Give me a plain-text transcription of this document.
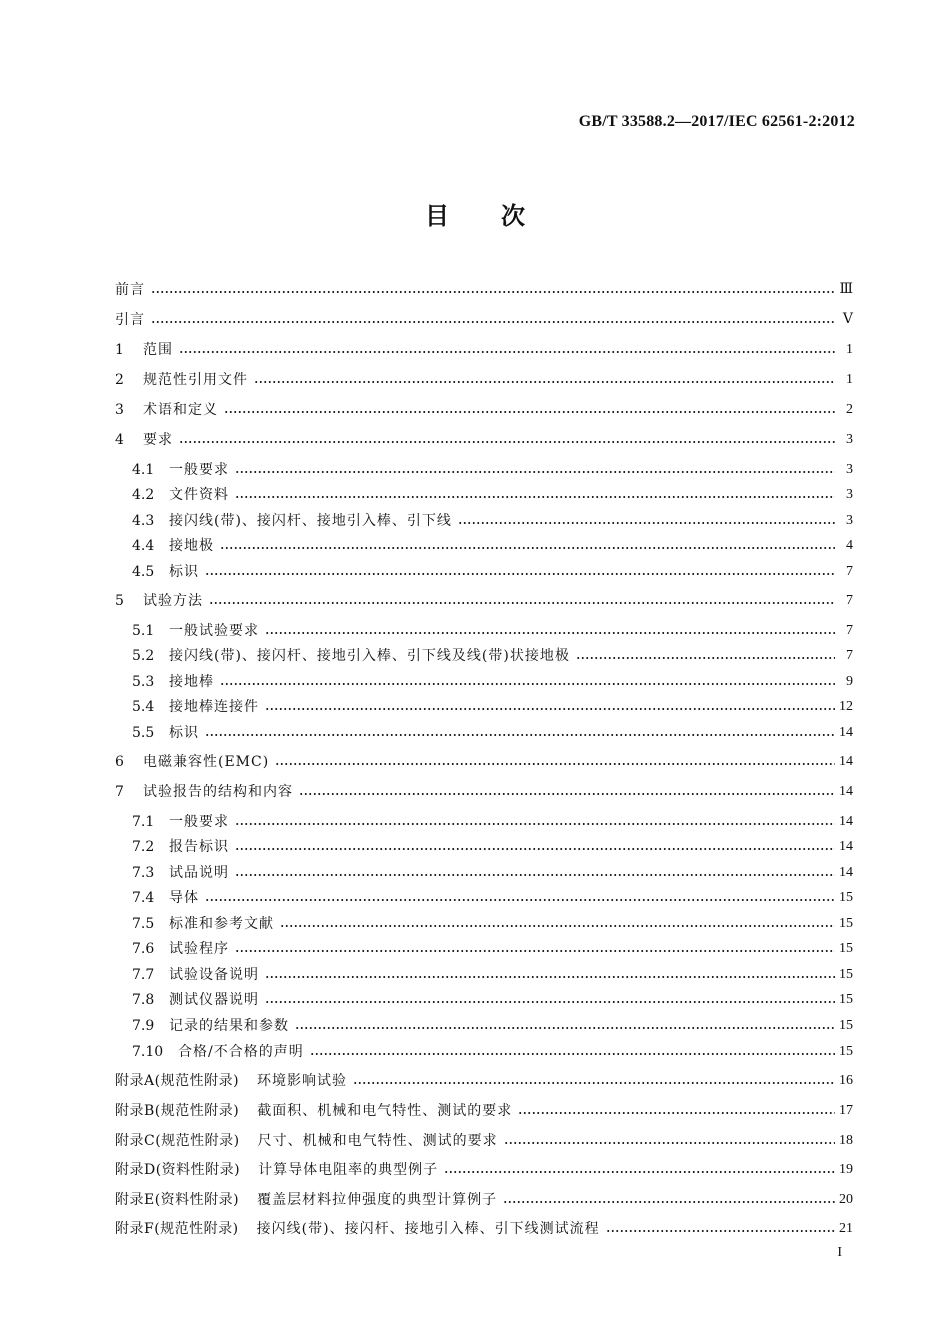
GB/T 33588.2—2017/IEC 62561-2:2012
目次
前言	Ⅲ
引言	Ⅴ
1	范围	1
2	规范性引用文件	1
3	术语和定义	2
4	要求	3
4.1	一般要求	3
4.2	文件资料	3
4.3	接闪线(带)、接闪杆、接地引入棒、引下线	3
4.4	接地极	4
4.5	标识	7
5	试验方法	7
5.1	一般试验要求	7
5.2	接闪线(带)、接闪杆、接地引入棒、引下线及线(带)状接地极	7
5.3	接地棒	9
5.4	接地棒连接件	12
5.5	标识	14
6	电磁兼容性(EMC)	14
7	试验报告的结构和内容	14
7.1	一般要求	14
7.2	报告标识	14
7.3	试品说明	14
7.4	导体	15
7.5	标准和参考文献	15
7.6	试验程序	15
7.7	试验设备说明	15
7.8	测试仪器说明	15
7.9	记录的结果和参数	15
7.10	合格/不合格的声明	15
附录A(规范性附录) 环境影响试验	16
附录B(规范性附录) 截面积、机械和电气特性、测试的要求	17
附录C(规范性附录) 尺寸、机械和电气特性、测试的要求	18
附录D(资料性附录) 计算导体电阻率的典型例子	19
附录E(资料性附录) 覆盖层材料拉伸强度的典型计算例子	20
附录F(规范性附录) 接闪线(带)、接闪杆、接地引入棒、引下线测试流程	21
I
